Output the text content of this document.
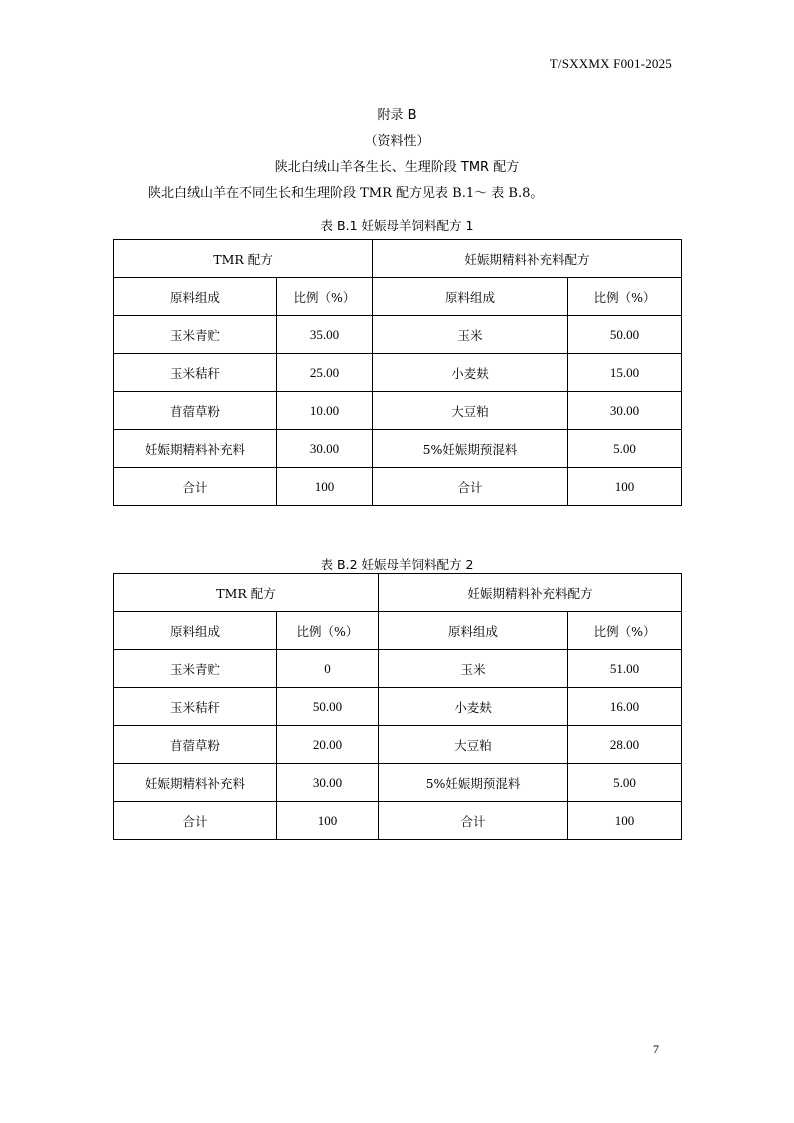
T/SXXMX F001-2025
附录 B
（资料性）
陕北白绒山羊各生长、生理阶段 TMR 配方
陕北白绒山羊在不同生长和生理阶段 TMR 配方见表 B.1～ 表 B.8。
表 B.1 妊娠母羊饲料配方 1
TMR 配方		妊娠期精料补充料配方	
原料组成	比例（%）	原料组成	比例（%）
玉米青贮	35.00	玉米	50.00
玉米秸秆	25.00	小麦麸	15.00
苜蓿草粉	10.00	大豆粕	30.00
妊娠期精料补充料	30.00	5%妊娠期预混料	5.00
合计	100	合计	100
表 B.2 妊娠母羊饲料配方 2
TMR 配方		妊娠期精料补充料配方	
原料组成	比例（%）	原料组成	比例（%）
玉米青贮	0	玉米	51.00
玉米秸秆	50.00	小麦麸	16.00
苜蓿草粉	20.00	大豆粕	28.00
妊娠期精料补充料	30.00	5%妊娠期预混料	5.00
合计	100	合计	100
7
